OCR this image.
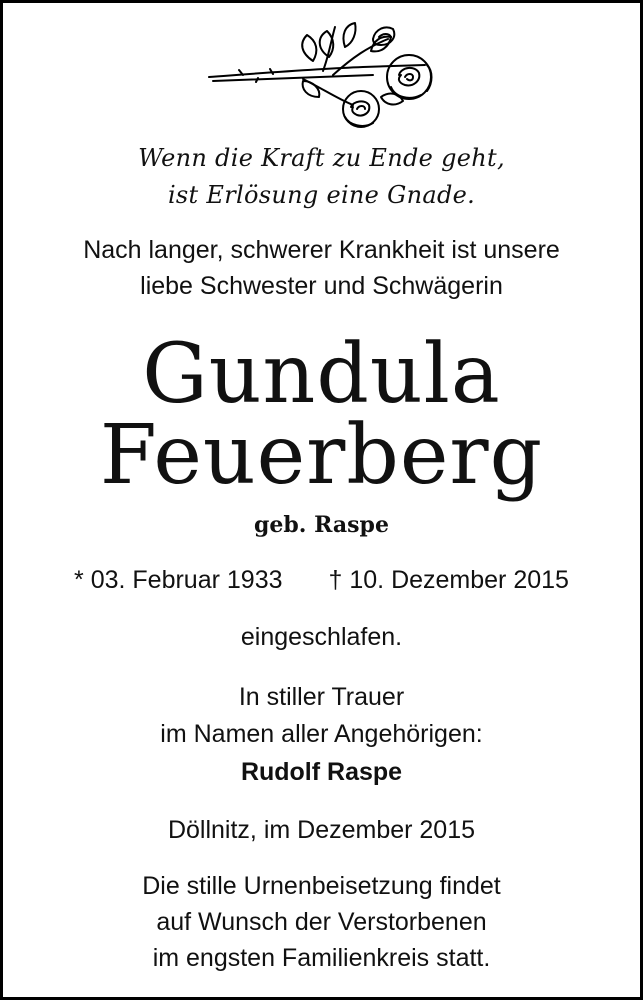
Wenn die Kraft zu Ende geht,

ist Erlösung eine Gnade.

Nach langer, schwerer Krankheit ist unsere

liebe Schwester und Schwägerin

Gundula

Feuerberg

geb. Raspe

* 03. Februar 1933 † 10. Dezember 2015

eingeschlafen.

In stiller Trauer

im Namen aller Angehörigen:

Rudolf Raspe

Döllnitz, im Dezember 2015

Die stille Urnenbeisetzung findet

auf Wunsch der Verstorbenen

im engsten Familienkreis statt.
